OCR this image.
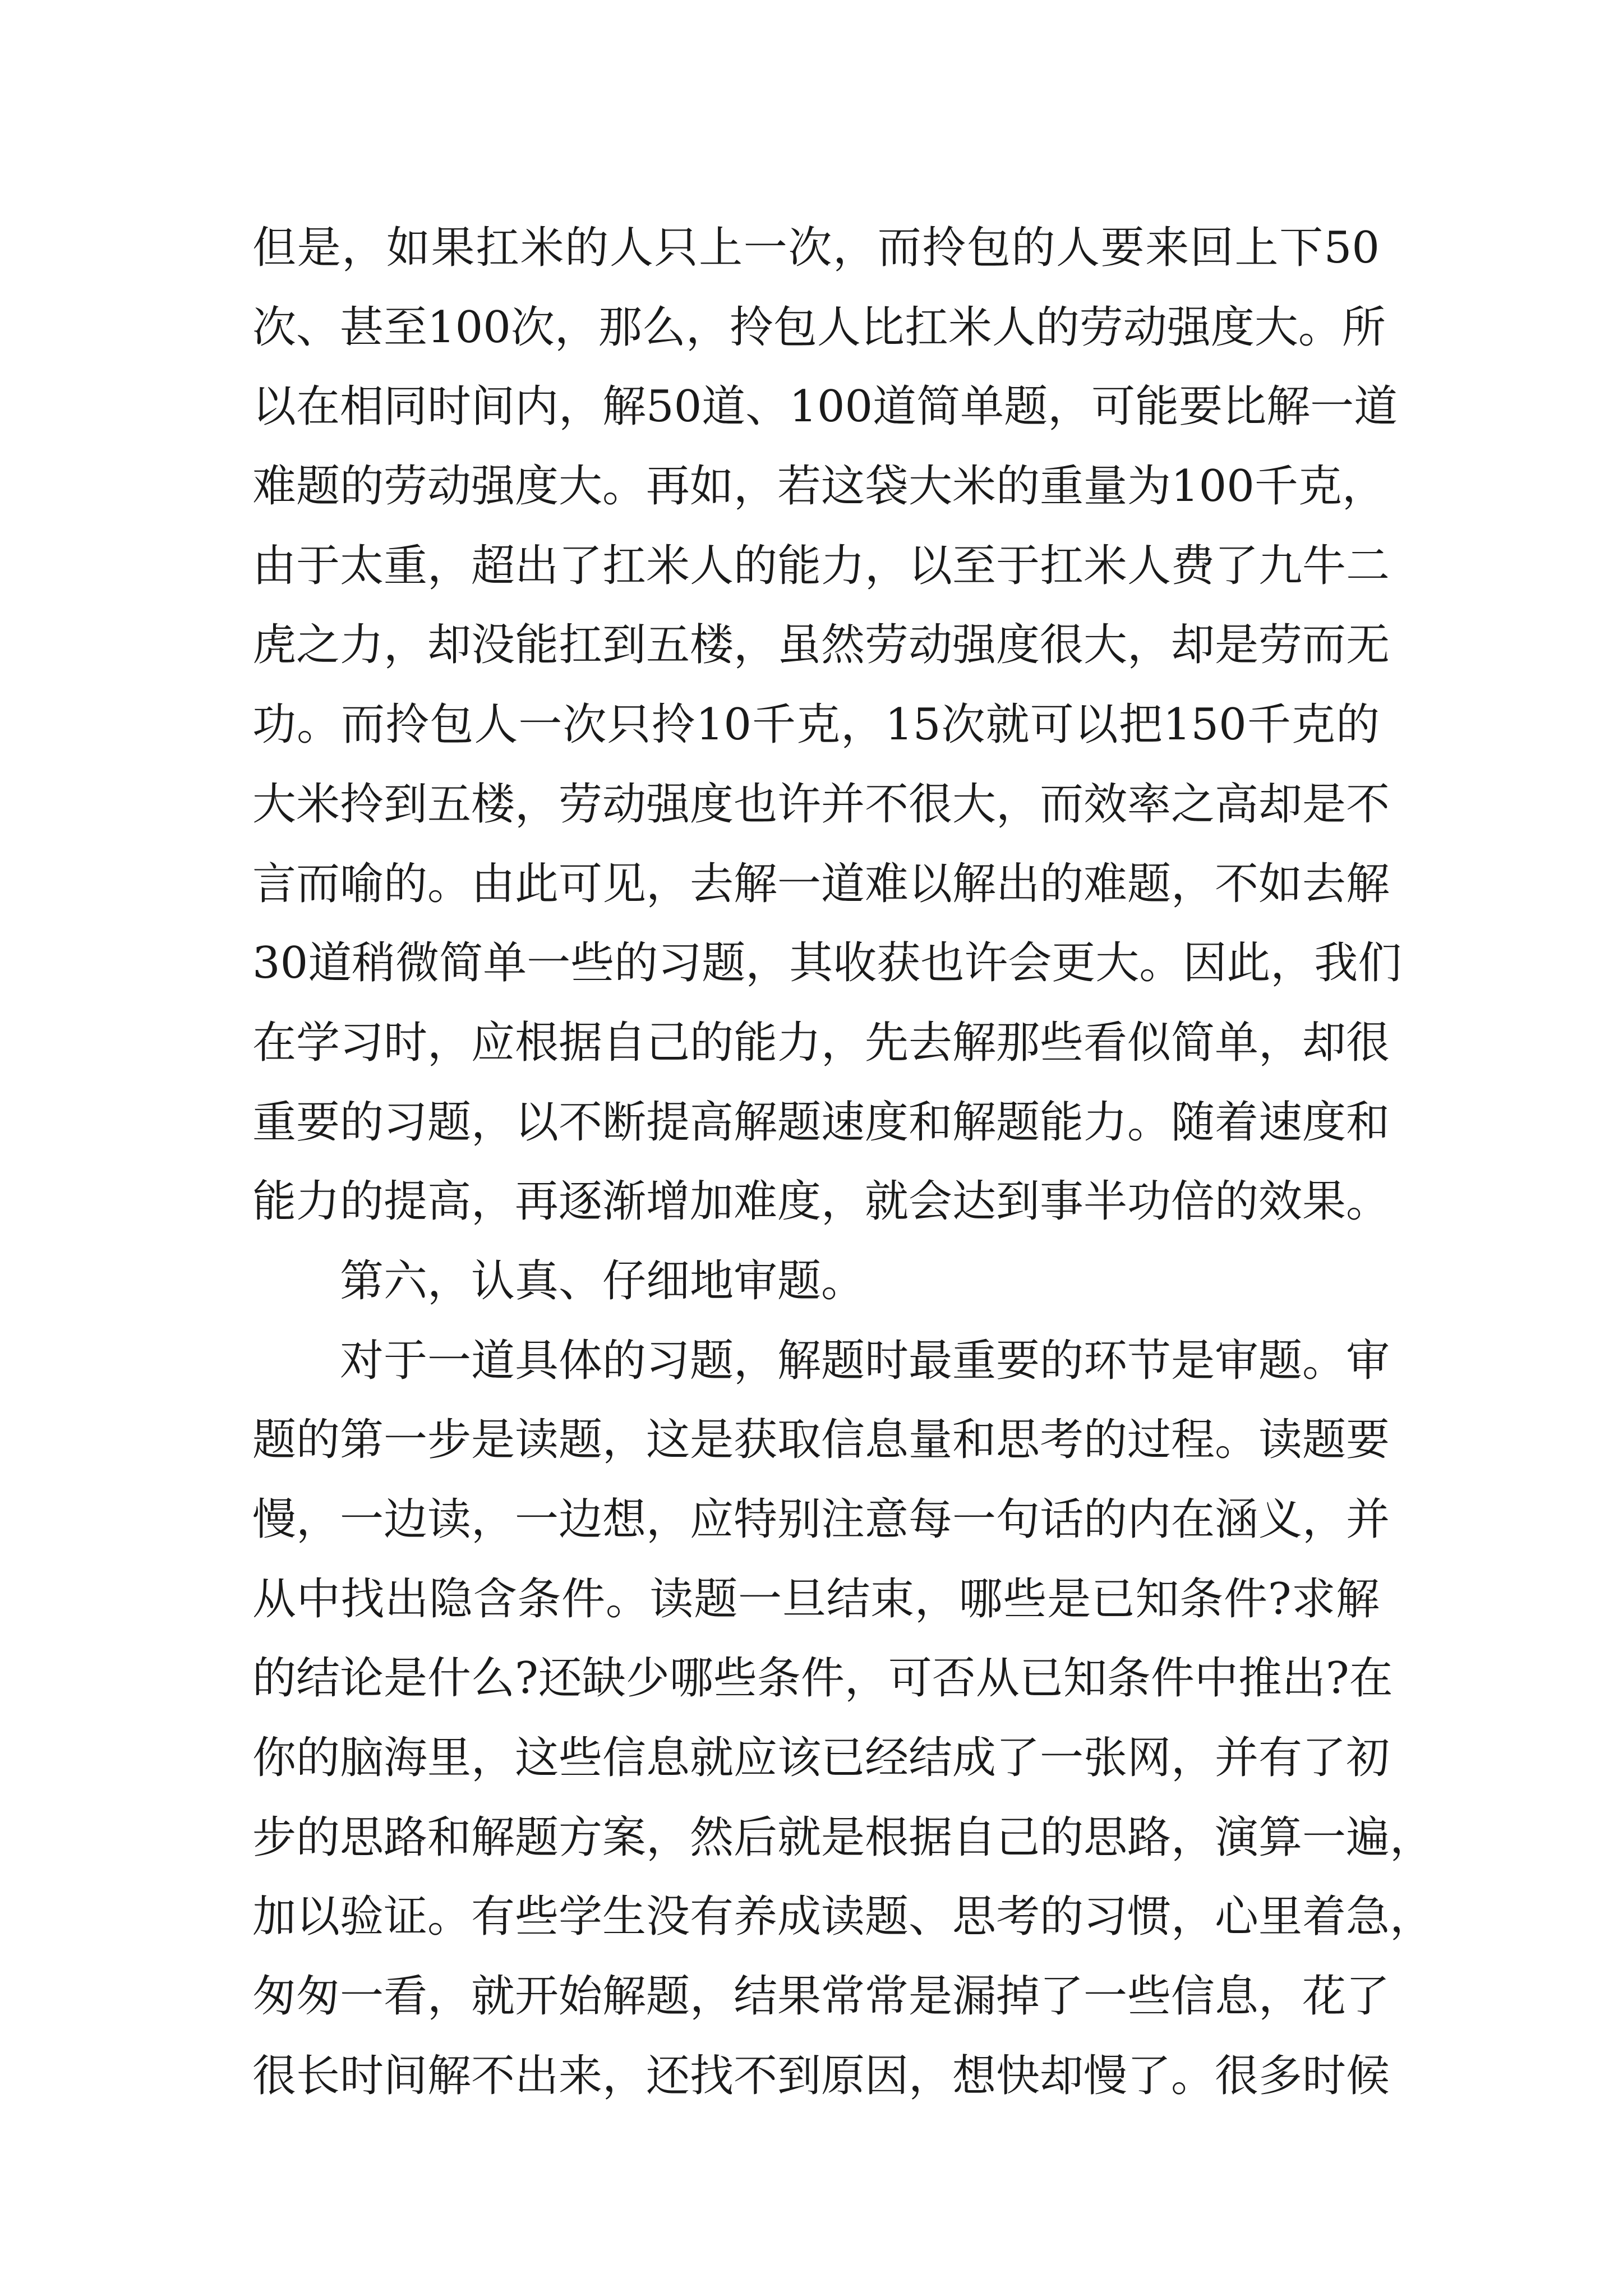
但是，如果扛米的人只上一次，而拎包的人要来回上下50
次、甚至100次，那么，拎包人比扛米人的劳动强度大。所
以在相同时间内，解50道、100道简单题，可能要比解一道
难题的劳动强度大。再如，若这袋大米的重量为100千克，
由于太重，超出了扛米人的能力，以至于扛米人费了九牛二
虎之力，却没能扛到五楼，虽然劳动强度很大，却是劳而无
功。而拎包人一次只拎10千克，15次就可以把150千克的
大米拎到五楼，劳动强度也许并不很大，而效率之高却是不
言而喻的。由此可见，去解一道难以解出的难题，不如去解
30道稍微简单一些的习题，其收获也许会更大。因此，我们
在学习时，应根据自己的能力，先去解那些看似简单，却很
重要的习题，以不断提高解题速度和解题能力。随着速度和
能力的提高，再逐渐增加难度，就会达到事半功倍的效果。
第六，认真、仔细地审题。
对于一道具体的习题，解题时最重要的环节是审题。审
题的第一步是读题，这是获取信息量和思考的过程。读题要
慢，一边读，一边想，应特别注意每一句话的内在涵义，并
从中找出隐含条件。读题一旦结束，哪些是已知条件?求解
的结论是什么?还缺少哪些条件，可否从已知条件中推出?在
你的脑海里，这些信息就应该已经结成了一张网，并有了初
步的思路和解题方案，然后就是根据自己的思路，演算一遍，
加以验证。有些学生没有养成读题、思考的习惯，心里着急，
匆匆一看，就开始解题，结果常常是漏掉了一些信息，花了
很长时间解不出来，还找不到原因，想快却慢了。很多时候
